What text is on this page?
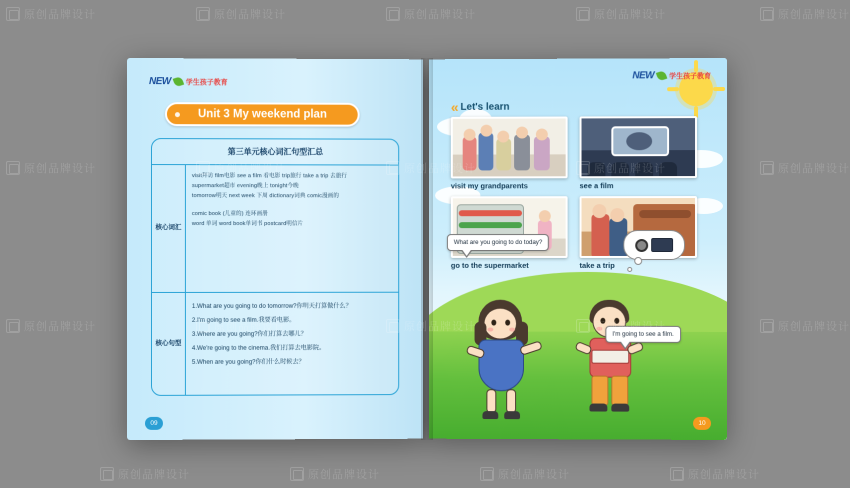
NEW 学生孩子教育
Unit 3 My weekend plan
第三单元核心词汇句型汇总
核心词汇
visit拜访 film电影 see a film 看电影 trip旅行 take a trip 去旅行
supermarket超市 evening晚上 tonight今晚
tomorrow明天 next week 下周 dictionary词典 comic漫画的
comic book (儿童的) 连环画册
word 单词 word book单词书 postcard明信片
核心句型
1.What are you going to do tomorrow?你明天打算做什么？
2.I'm going to see a film.我要看电影。
3.Where are you going?你们打算去哪儿？
4.We're going to the cinema.我们打算去电影院。
5.When are you going?你们什么时候去？
09
NEW 学生孩子教育
« Let's learn
visit my grandparents	see a film
go to the supermarket	take a trip
What are you going to do today?
I'm going to see a film.
10
原创品牌设计	原创品牌设计	原创品牌设计	原创品牌设计	原创品牌设计
原创品牌设计	原创品牌设计
原创品牌设计	原创品牌设计
原创品牌设计	原创品牌设计	原创品牌设计	原创品牌设计
